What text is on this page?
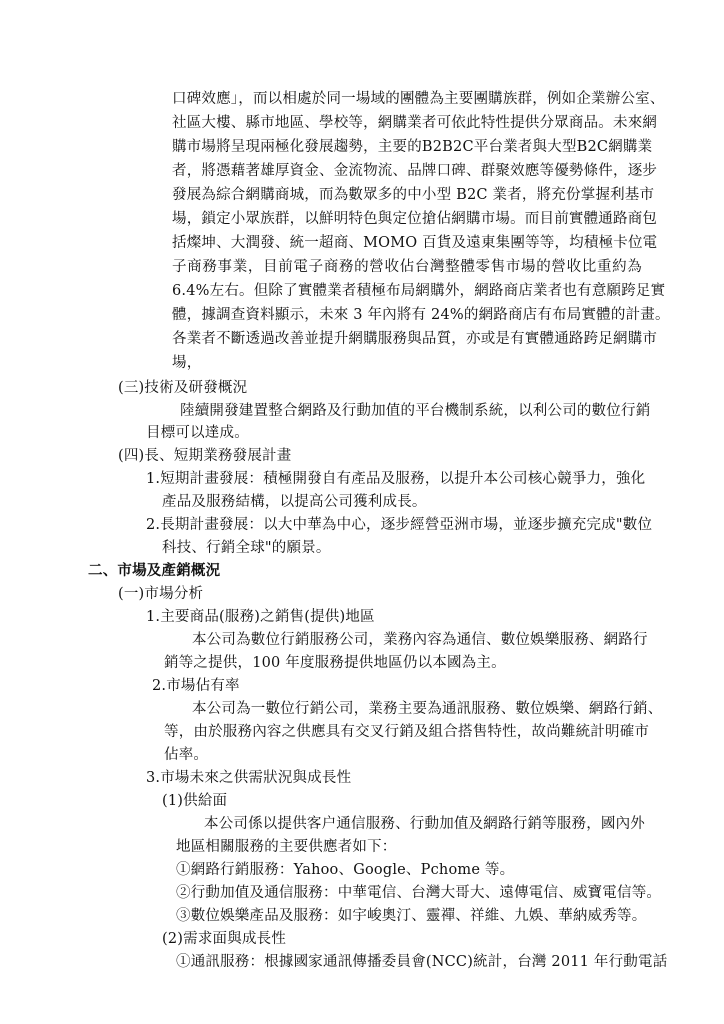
口碑效應」，而以相處於同一場域的團體為主要團購族群，例如企業辦公室、
社區大樓、縣市地區、學校等，網購業者可依此特性提供分眾商品。未來網
購市場將呈現兩極化發展趨勢，主要的B2B2C平台業者與大型B2C網購業
者，將憑藉著雄厚資金、金流物流、品牌口碑、群聚效應等優勢條件，逐步
發展為綜合網購商城，而為數眾多的中小型 B2C 業者，將充份掌握利基市
場，鎖定小眾族群，以鮮明特色與定位搶佔網購市場。而目前實體通路商包
括燦坤、大潤發、統一超商、MOMO 百貨及遠東集團等等，均積極卡位電
子商務事業，目前電子商務的營收佔台灣整體零售市場的營收比重約為
6.4%左右。但除了實體業者積極布局網購外，網路商店業者也有意願跨足實
體，據調查資料顯示，未來 3 年內將有 24%的網路商店有布局實體的計畫。
各業者不斷透過改善並提升網購服務與品質，亦或是有實體通路跨足網購市
場，
(三)技術及研發概況
陸續開發建置整合網路及行動加值的平台機制系統，以利公司的數位行銷
目標可以達成。
(四)長、短期業務發展計畫
1.短期計畫發展：積極開發自有產品及服務，以提升本公司核心競爭力，強化
產品及服務結構，以提高公司獲利成長。
2.長期計畫發展：以大中華為中心，逐步經營亞洲市場，並逐步擴充完成"數位
科技、行銷全球"的願景。
二、市場及產銷概況
(一)市場分析
1.主要商品(服務)之銷售(提供)地區
本公司為數位行銷服務公司，業務內容為通信、數位娛樂服務、網路行
銷等之提供，100 年度服務提供地區仍以本國為主。
2.市場佔有率
本公司為一數位行銷公司，業務主要為通訊服務、數位娛樂、網路行銷、
等，由於服務內容之供應具有交叉行銷及組合搭售特性，故尚難統計明確市
佔率。
3.市場未來之供需狀況與成長性
(1)供給面
本公司係以提供客户通信服務、行動加值及網路行銷等服務，國內外
地區相關服務的主要供應者如下：
①網路行銷服務：Yahoo、Google、Pchome 等。
②行動加值及通信服務：中華電信、台灣大哥大、遠傳電信、威寶電信等。
③數位娛樂產品及服務：如宇峻奧汀、靈禪、祥維、九娛、華納威秀等。
(2)需求面與成長性
①通訊服務：根據國家通訊傳播委員會(NCC)統計，台灣 2011 年行動電話
